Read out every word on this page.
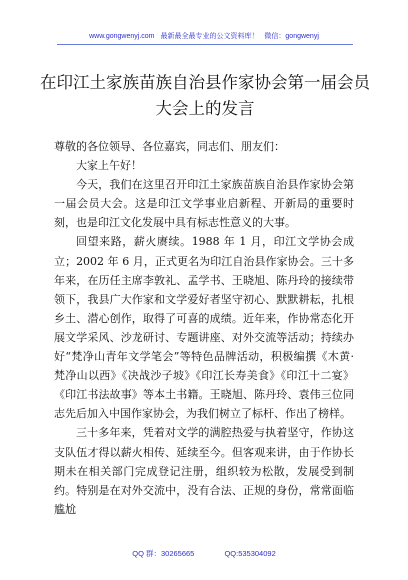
www.gongwenyj.com 最新最全最专业的公文资料库！ 微信：gongwenyj
在印江土家族苗族自治县作家协会第一届会员
大会上的发言

尊敬的各位领导、各位嘉宾，同志们、朋友们：

大家上午好！

今天，我们在这里召开印江土家族苗族自治县作家协会第一届会员大会。这是印江文学事业启新程、开新局的重要时刻，也是印江文化发展中具有标志性意义的大事。

回望来路，薪火赓续。1988 年 1 月，印江文学协会成立；2002 年 6 月，正式更名为印江自治县作家协会。三十多年来，在历任主席李敦礼、孟学书、王晓旭、陈丹玲的接续带领下，我县广大作家和文学爱好者坚守初心、默默耕耘，扎根乡土、潜心创作，取得了可喜的成绩。近年来，作协常态化开展文学采风、沙龙研讨、专题讲座、对外交流等活动；持续办好“梵净山青年文学笔会”等特色品牌活动，积极编撰《木黄·梵净山以西》《决战沙子坡》《印江长寿美食》《印江十二宴》《印江书法故事》等本土书籍。王晓旭、陈丹玲、袁伟三位同志先后加入中国作家协会，为我们树立了标杆、作出了榜样。

三十多年来，凭着对文学的满腔热爱与执着坚守，作协这支队伍才得以薪火相传、延续至今。但客观来讲，由于作协长期未在相关部门完成登记注册，组织较为松散，发展受到制约。特别是在对外交流中，没有合法、正规的身份，常常面临尴尬

QQ 群：30265665	QQ:535304092
